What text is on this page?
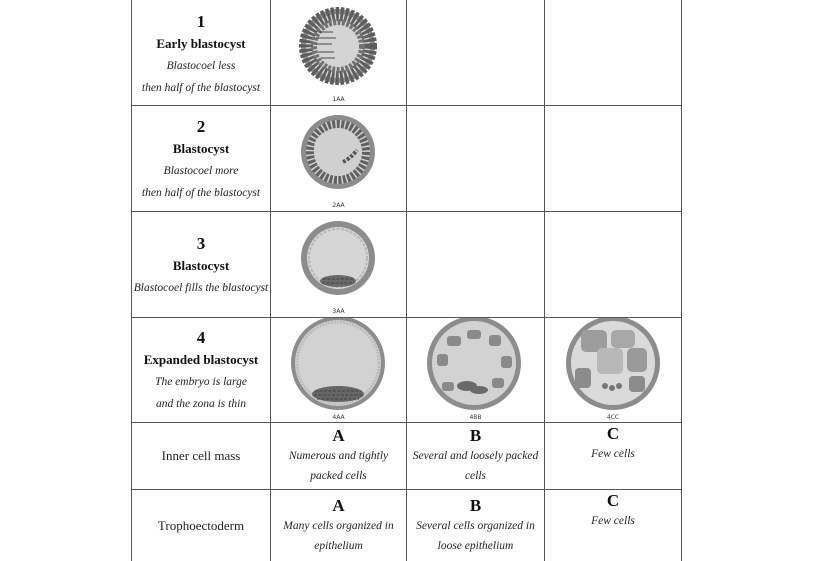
1
Early blastocyst
Blastocoel less
then half of the blastocyst
1AA
2
Blastocyst
Blastocoel more
then half of the blastocyst
2AA
3
Blastocyst
Blastocoel fills the blastocyst
3AA
4
Expanded blastocyst
The embryo is large
and the zona is thin
4AA	4BB	4CC
Inner cell mass
A
Numerous and tightly
packed cells
B
Several and loosely packed
cells
C
Few cells
Trophoectoderm
A
Many cells organized in
epithelium
B
Several cells organized in
loose epithelium
C
Few cells
